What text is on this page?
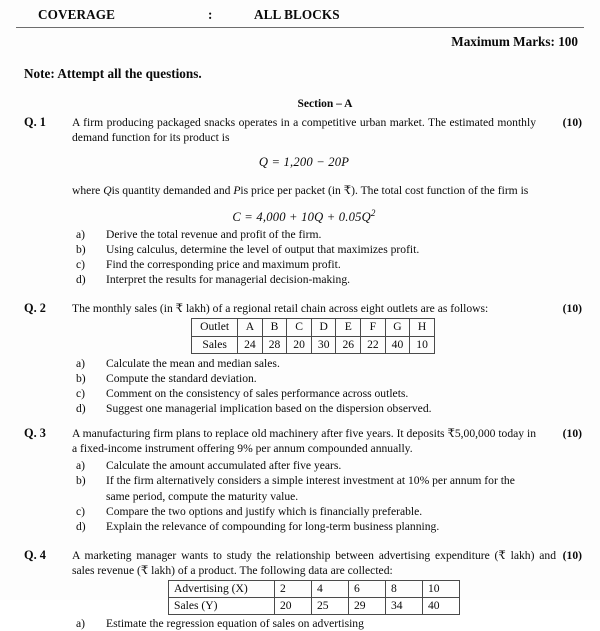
COVERAGE	:	ALL BLOCKS
Maximum Marks: 100
Note: Attempt all the questions.
Section – A
Q. 1	(10)

A firm producing packaged snacks operates in a competitive urban market. The estimated monthly demand function for its product is

Q = 1,200 − 20P

where Qis quantity demanded and Pis price per packet (in ₹). The total cost function of the firm is

$C = 4,000 + 10Q + 0.05Q^2$
a) Derive the total revenue and profit of the firm.
b) Using calculus, determine the level of output that maximizes profit.
c) Find the corresponding price and maximum profit.
d) Interpret the results for managerial decision-making.
Q. 2	(10)

The monthly sales (in ₹ lakh) of a regional retail chain across eight outlets are as follows:

Outlet	A	B	C	D	E	F	G	H
Sales	24	28	20	30	26	22	40	10
a) Calculate the mean and median sales.
b) Compute the standard deviation.
c) Comment on the consistency of sales performance across outlets.
d) Suggest one managerial implication based on the dispersion observed.
Q. 3	(10)

A manufacturing firm plans to replace old machinery after five years. It deposits ₹5,00,000 today in a fixed-income instrument offering 9% per annum compounded annually.

a) Calculate the amount accumulated after five years.
b) If the firm alternatively considers a simple interest investment at 10% per annum for the same period, compute the maturity value.
c) Compare the two options and justify which is financially preferable.
d) Explain the relevance of compounding for long-term business planning.
Q. 4	(10)

A marketing manager wants to study the relationship between advertising expenditure (₹ lakh) and sales revenue (₹ lakh) of a product. The following data are collected:

Advertising (X)	2	4	6	8	10
Sales (Y)	20	25	29	34	40
a) Estimate the regression equation of sales on advertising
